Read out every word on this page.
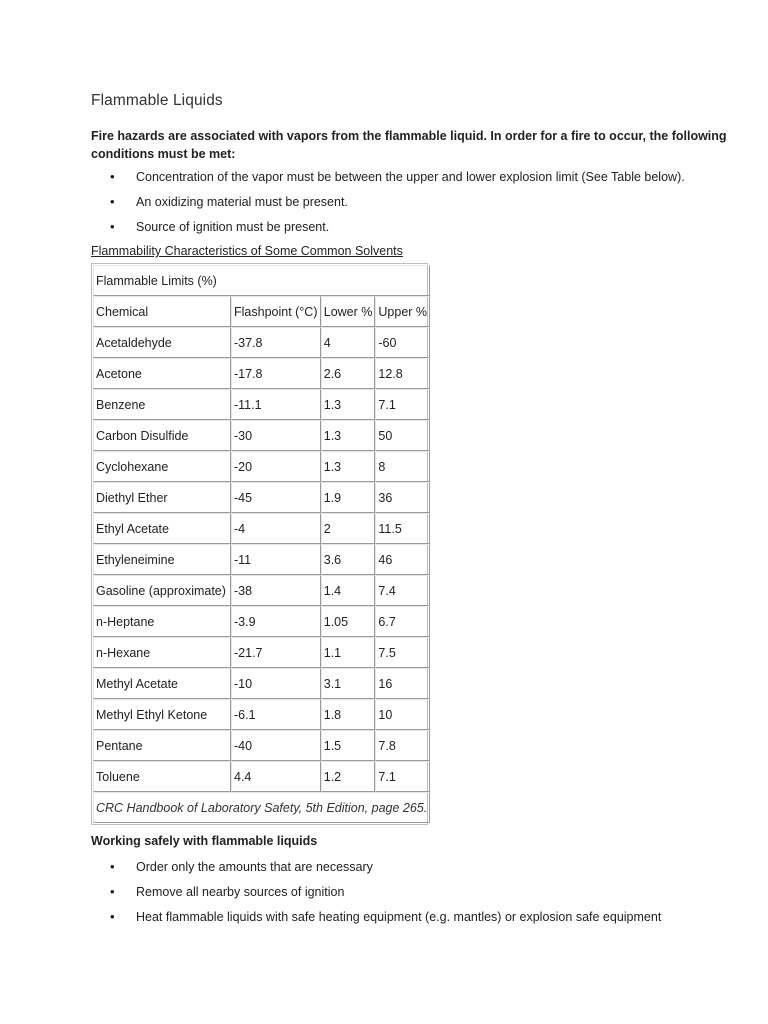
Flammable Liquids

Fire hazards are associated with vapors from the flammable liquid. In order for a fire to occur, the following conditions must be met:

• Concentration of the vapor must be between the upper and lower explosion limit (See Table below).
• An oxidizing material must be present.
• Source of ignition must be present.

Flammability Characteristics of Some Common Solvents

Flammable Limits (%)			
Chemical	Flashpoint (°C)	Lower %	Upper %
Acetaldehyde	-37.8	4	-60
Acetone	-17.8	2.6	12.8
Benzene	-11.1	1.3	7.1
Carbon Disulfide	-30	1.3	50
Cyclohexane	-20	1.3	8
Diethyl Ether	-45	1.9	36
Ethyl Acetate	-4	2	11.5
Ethyleneimine	-11	3.6	46
Gasoline (approximate)	-38	1.4	7.4
n-Heptane	-3.9	1.05	6.7
n-Hexane	-21.7	1.1	7.5
Methyl Acetate	-10	3.1	16
Methyl Ethyl Ketone	-6.1	1.8	10
Pentane	-40	1.5	7.8
Toluene	4.4	1.2	7.1
CRC Handbook of Laboratory Safety, 5th Edition, page 265.			

Working safely with flammable liquids

• Order only the amounts that are necessary
• Remove all nearby sources of ignition
• Heat flammable liquids with safe heating equipment (e.g. mantles) or explosion safe equipment
